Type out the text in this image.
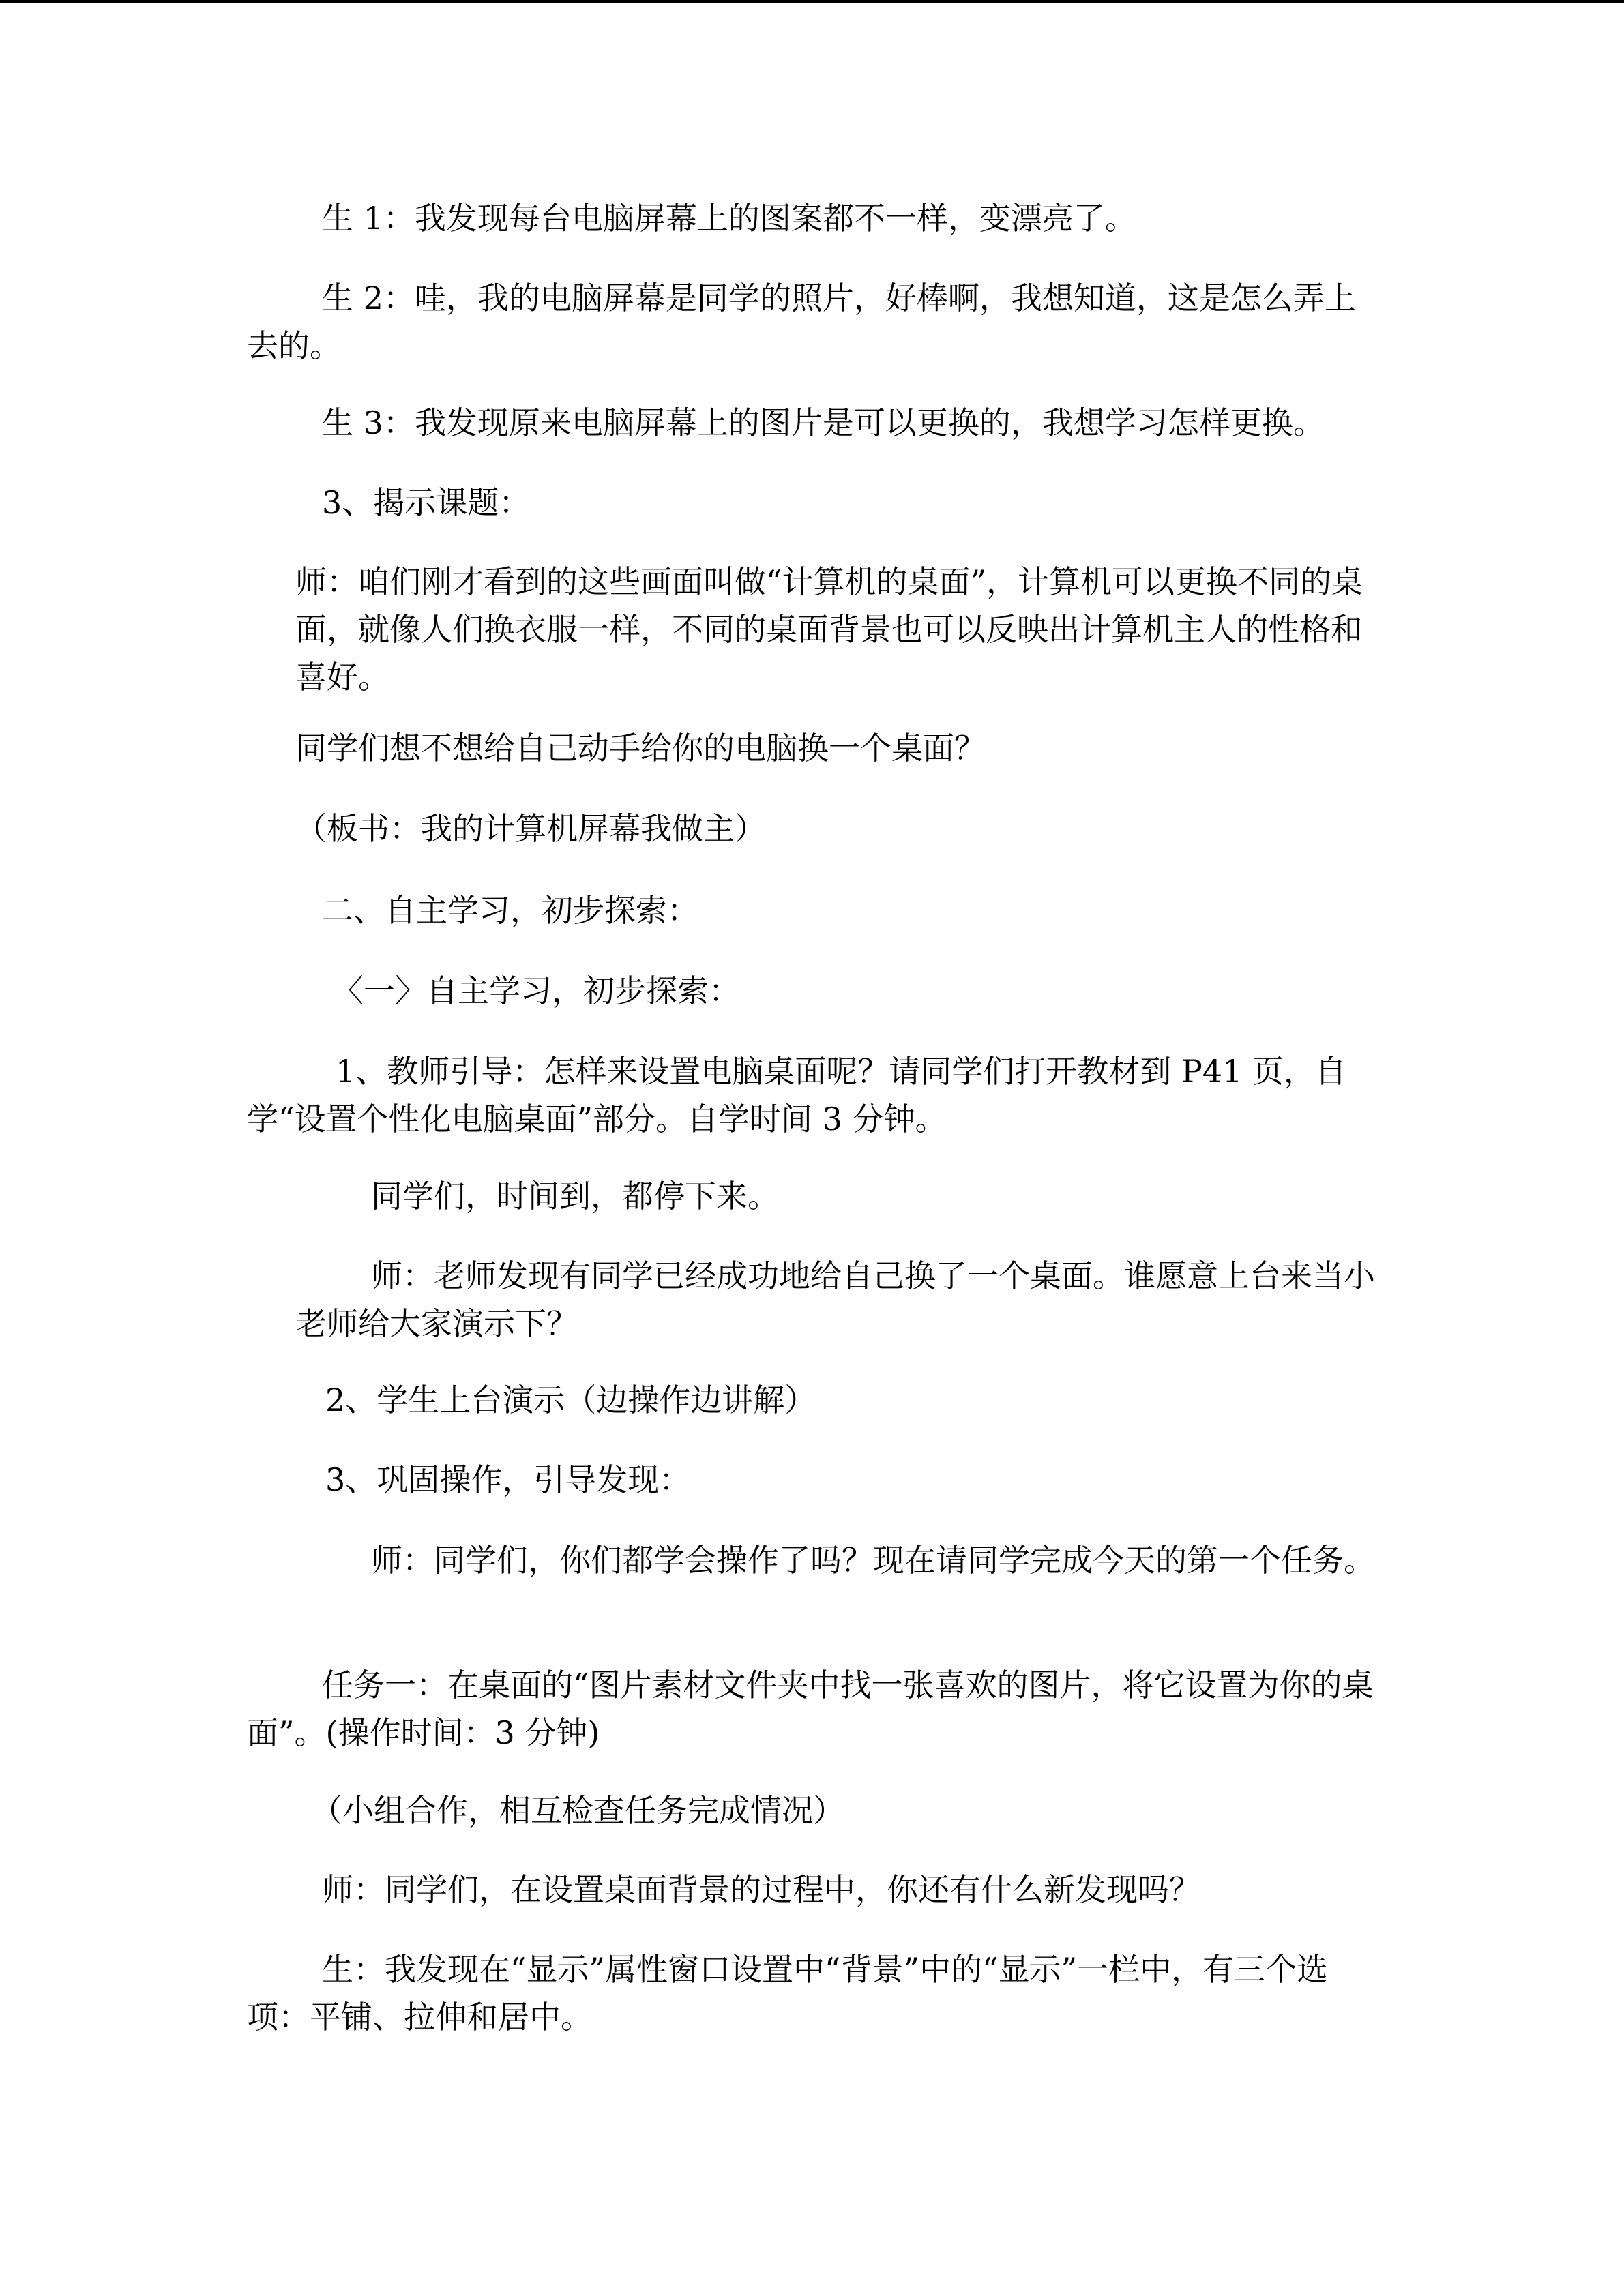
生 1：我发现每台电脑屏幕上的图案都不一样，变漂亮了。

生 2：哇，我的电脑屏幕是同学的照片，好棒啊，我想知道，这是怎么弄上去的。

生 3：我发现原来电脑屏幕上的图片是可以更换的，我想学习怎样更换。

3、揭示课题：

师：咱们刚才看到的这些画面叫做“计算机的桌面”，计算机可以更换不同的桌面，就像人们换衣服一样，不同的桌面背景也可以反映出计算机主人的性格和喜好。

同学们想不想给自己动手给你的电脑换一个桌面？

（板书：我的计算机屏幕我做主）

二、自主学习，初步探索：

〈一〉自主学习，初步探索：

1、教师引导：怎样来设置电脑桌面呢？请同学们打开教材到 P41 页，自学“设置个性化电脑桌面”部分。自学时间 3 分钟。

同学们，时间到，都停下来。

师：老师发现有同学已经成功地给自己换了一个桌面。谁愿意上台来当小老师给大家演示下？

2、学生上台演示（边操作边讲解）

3、巩固操作，引导发现：

师：同学们，你们都学会操作了吗？现在请同学完成今天的第一个任务。

任务一：在桌面的“图片素材文件夹中找一张喜欢的图片，将它设置为你的桌面”。(操作时间：3 分钟)

（小组合作，相互检查任务完成情况）

师：同学们，在设置桌面背景的过程中，你还有什么新发现吗？

生：我发现在“显示”属性窗口设置中“背景”中的“显示”一栏中，有三个选项：平铺、拉伸和居中。
